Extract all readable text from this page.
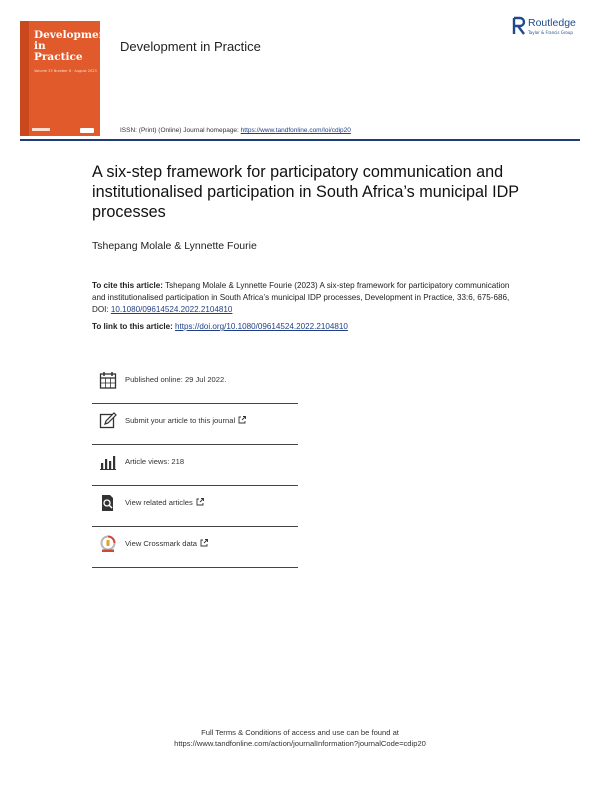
Development in Practice
Volume 33 Number 6 · August 2023
Development in Practice
Routledge
Taylor & Francis Group
ISSN: (Print) (Online) Journal homepage: https://www.tandfonline.com/loi/cdip20
A six-step framework for participatory communication and institutionalised participation in South Africa’s municipal IDP processes
Tshepang Molale & Lynnette Fourie
To cite this article: Tshepang Molale & Lynnette Fourie (2023) A six-step framework for participatory communication and institutionalised participation in South Africa’s municipal IDP processes, Development in Practice, 33:6, 675-686, DOI: 10.1080/09614524.2022.2104810
To link to this article: https://doi.org/10.1080/09614524.2022.2104810
Published online: 29 Jul 2022.
Submit your article to this journal
Article views: 218
View related articles
View Crossmark data
Full Terms & Conditions of access and use can be found at
https://www.tandfonline.com/action/journalInformation?journalCode=cdip20
